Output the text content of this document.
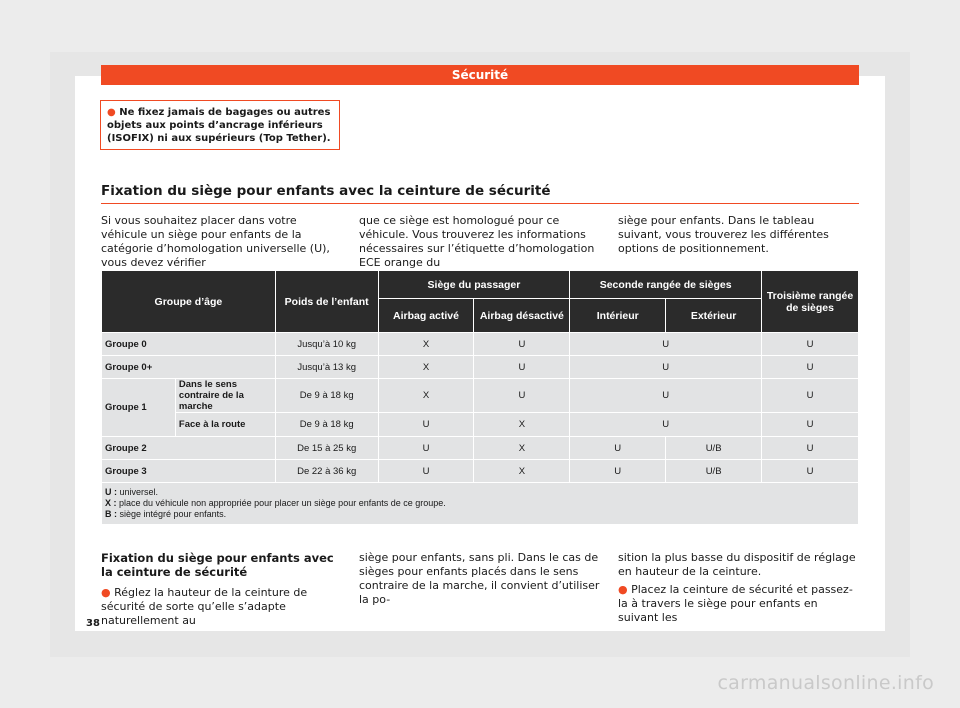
Sécurité
● Ne fixez jamais de bagages ou autres objets aux points d’ancrage inférieurs (ISOFIX) ni aux supérieurs (Top Tether).
Fixation du siège pour enfants avec la ceinture de sécurité
Si vous souhaitez placer dans votre véhicule un siège pour enfants de la catégorie d’homologation universelle (U), vous devez vérifier
que ce siège est homologué pour ce véhicule. Vous trouverez les informations nécessaires sur l’étiquette d’homologation ECE orange du
siège pour enfants. Dans le tableau suivant, vous trouverez les différentes options de positionnement.
Groupe d’âge		Poids de l’enfant	Siège du passager		Seconde rangée de sièges		Troisième rangée de sièges
			Airbag activé	Airbag désactivé	Intérieur	Extérieur	
Groupe 0		Jusqu’à 10 kg	X	U	U		U
Groupe 0+		Jusqu’à 13 kg	X	U	U		U
Groupe 1	Dans le sens contraire de la marche	De 9 à 18 kg	X	U	U		U
	Face à la route	De 9 à 18 kg	U	X	U		U
Groupe 2		De 15 à 25 kg	U	X	U	U/B	U
Groupe 3		De 22 à 36 kg	U	X	U	U/B	U

U : universel.
X : place du véhicule non appropriée pour placer un siège pour enfants de ce groupe.
B : siège intégré pour enfants.							
Fixation du siège pour enfants avec la ceinture de sécurité
● Réglez la hauteur de la ceinture de sécurité de sorte qu’elle s’adapte naturellement au
siège pour enfants, sans pli. Dans le cas de sièges pour enfants placés dans le sens contraire de la marche, il convient d’utiliser la po-
sition la plus basse du dispositif de réglage en hauteur de la ceinture.
● Placez la ceinture de sécurité et passez-la à travers le siège pour enfants en suivant les
38
carmanualsonline.info
